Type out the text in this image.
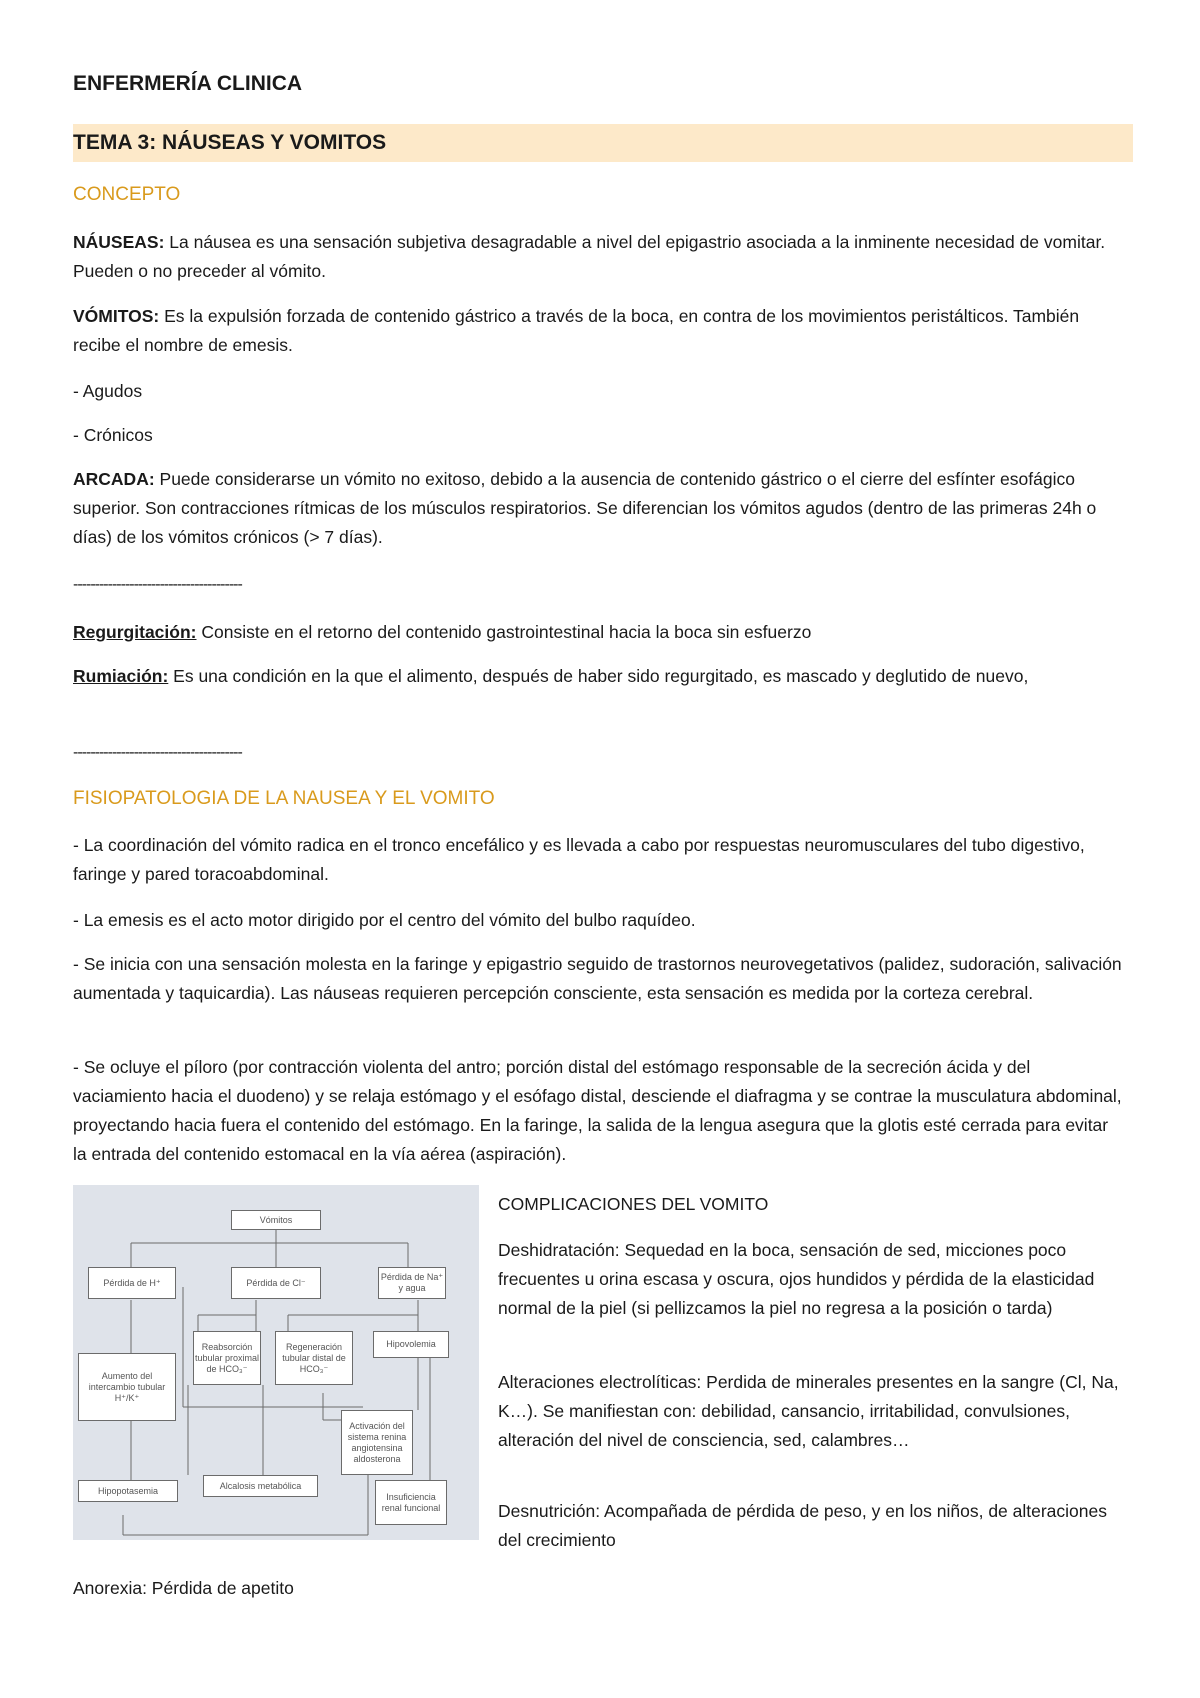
ENFERMERÍA CLINICA
TEMA 3: NÁUSEAS Y VOMITOS
CONCEPTO
NÁUSEAS: La náusea es una sensación subjetiva desagradable a nivel del epigastrio asociada a la inminente necesidad de vomitar. Pueden o no preceder al vómito.
VÓMITOS: Es la expulsión forzada de contenido gástrico a través de la boca, en contra de los movimientos peristálticos. También recibe el nombre de emesis.
- Agudos
- Crónicos
ARCADA: Puede considerarse un vómito no exitoso, debido a la ausencia de contenido gástrico o el cierre del esfínter esofágico superior. Son contracciones rítmicas de los músculos respiratorios. Se diferencian los vómitos agudos (dentro de las primeras 24h o días) de los vómitos crónicos (> 7 días).
---------------------------------------
Regurgitación: Consiste en el retorno del contenido gastrointestinal hacia la boca sin esfuerzo
Rumiación: Es una condición en la que el alimento, después de haber sido regurgitado, es mascado y deglutido de nuevo,
---------------------------------------
FISIOPATOLOGIA DE LA NAUSEA Y EL VOMITO
- La coordinación del vómito radica en el tronco encefálico y es llevada a cabo por respuestas neuromusculares del tubo digestivo, faringe y pared toracoabdominal.
- La emesis es el acto motor dirigido por el centro del vómito del bulbo raquídeo.
- Se inicia con una sensación molesta en la faringe y epigastrio seguido de trastornos neurovegetativos (palidez, sudoración, salivación aumentada y taquicardia). Las náuseas requieren percepción consciente, esta sensación es medida por la corteza cerebral.
- Se ocluye el píloro (por contracción violenta del antro; porción distal del estómago responsable de la secreción ácida y del vaciamiento hacia el duodeno) y se relaja estómago y el esófago distal, desciende el diafragma y se contrae la musculatura abdominal, proyectando hacia fuera el contenido del estómago. En la faringe, la salida de la lengua asegura que la glotis esté cerrada para evitar la entrada del contenido estomacal en la vía aérea (aspiración).
Vómitos
Pérdida de H⁺	Pérdida de Cl⁻
Pérdida de Na⁺ y agua
Reabsorción tubular proximal de HCO₃⁻
Regeneración tubular distal de HCO₃⁻
Hipovolemia
Aumento del intercambio tubular H⁺/K⁺
Activación del sistema renina angiotensina aldosterona
Hipopotasemia	Alcalosis metabólica
Insuficiencia renal funcional
COMPLICACIONES DEL VOMITO
Deshidratación: Sequedad en la boca, sensación de sed, micciones poco frecuentes u orina escasa y oscura, ojos hundidos y pérdida de la elasticidad normal de la piel (si pellizcamos la piel no regresa a la posición o tarda)
Alteraciones electrolíticas: Perdida de minerales presentes en la sangre (Cl, Na, K…). Se manifiestan con: debilidad, cansancio, irritabilidad, convulsiones, alteración del nivel de consciencia, sed, calambres…
Desnutrición: Acompañada de pérdida de peso, y en los niños, de alteraciones del crecimiento
Anorexia: Pérdida de apetito
